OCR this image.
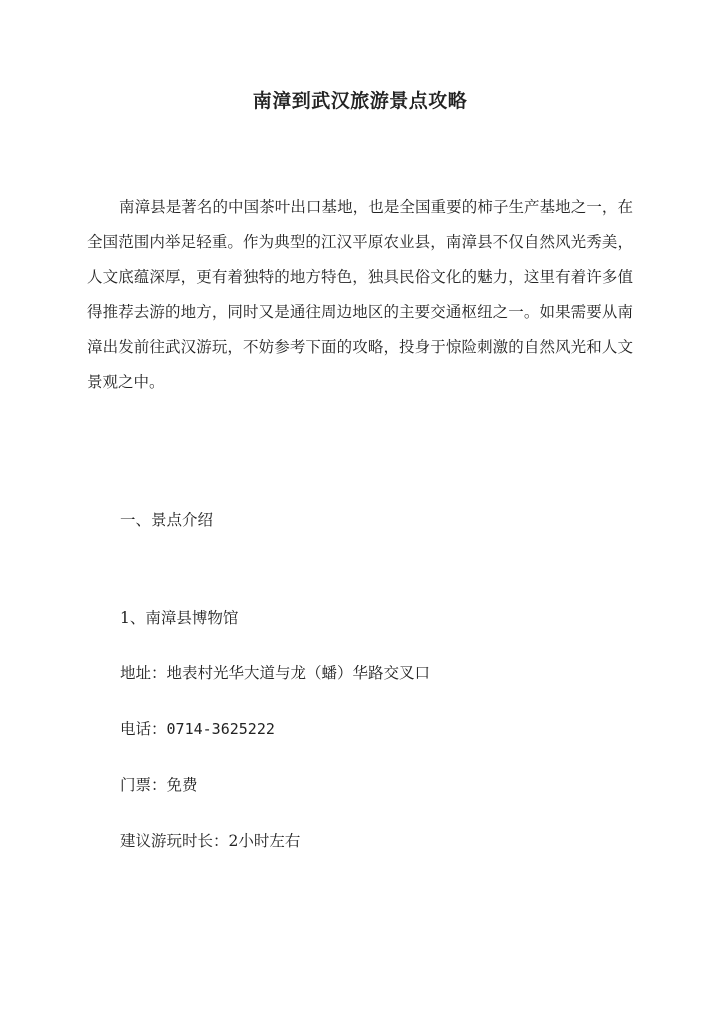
南漳到武汉旅游景点攻略
南漳县是著名的中国茶叶出口基地，也是全国重要的柿子生产基地之一，在全国范围内举足轻重。作为典型的江汉平原农业县，南漳县不仅自然风光秀美，人文底蕴深厚，更有着独特的地方特色，独具民俗文化的魅力，这里有着许多值得推荐去游的地方，同时又是通往周边地区的主要交通枢纽之一。如果需要从南漳出发前往武汉游玩，不妨参考下面的攻略，投身于惊险刺激的自然风光和人文景观之中。
一、景点介绍
1、南漳县博物馆
地址：地表村光华大道与龙（蟠）华路交叉口
电话：0714-3625222
门票：免费
建议游玩时长：2小时左右
